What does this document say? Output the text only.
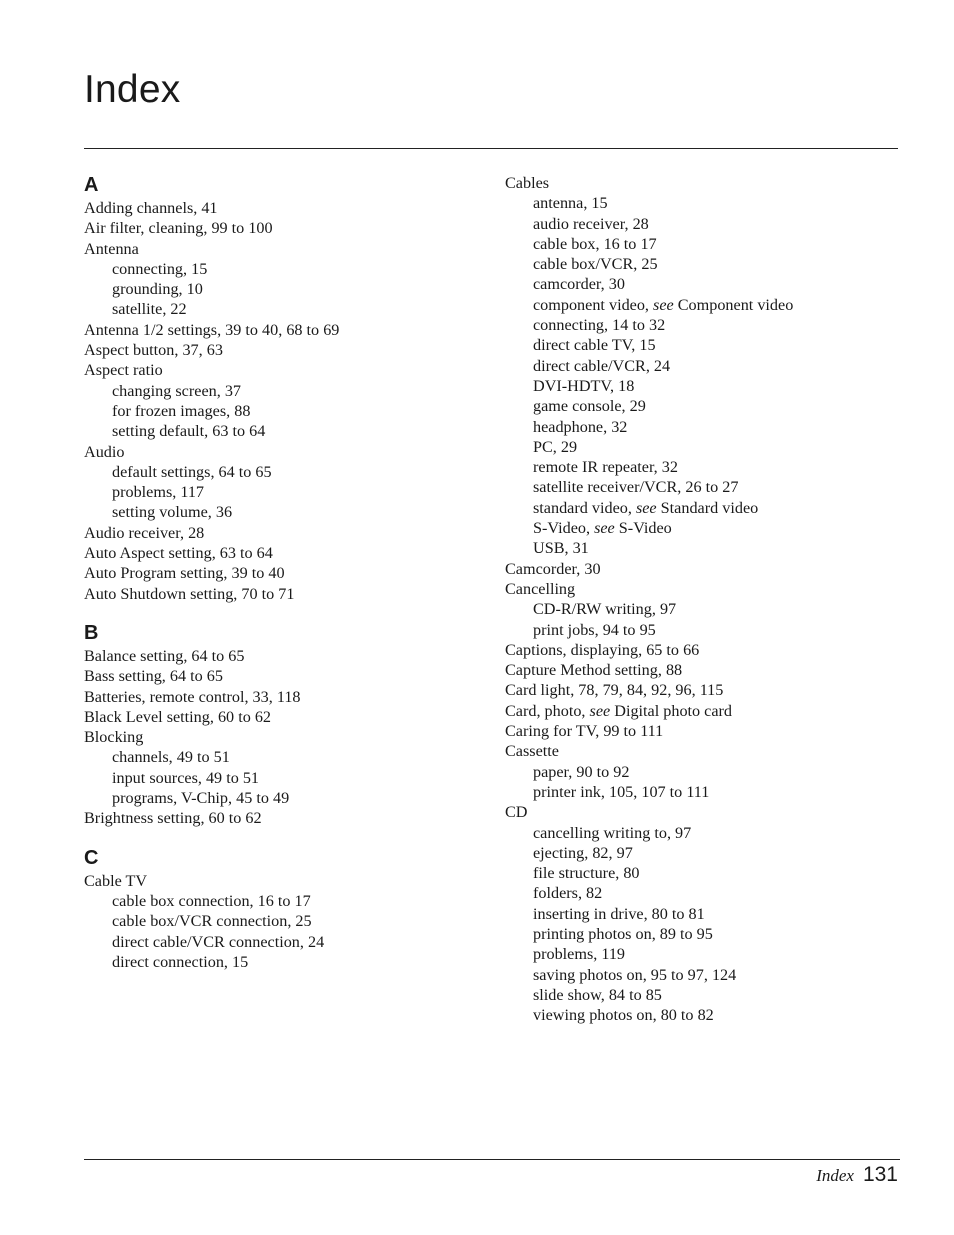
Index
A
Adding channels, 41
Air filter, cleaning, 99 to 100
Antenna
connecting, 15
grounding, 10
satellite, 22
Antenna 1/2 settings, 39 to 40, 68 to 69
Aspect button, 37, 63
Aspect ratio
changing screen, 37
for frozen images, 88
setting default, 63 to 64
Audio
default settings, 64 to 65
problems, 117
setting volume, 36
Audio receiver, 28
Auto Aspect setting, 63 to 64
Auto Program setting, 39 to 40
Auto Shutdown setting, 70 to 71
B
Balance setting, 64 to 65
Bass setting, 64 to 65
Batteries, remote control, 33, 118
Black Level setting, 60 to 62
Blocking
channels, 49 to 51
input sources, 49 to 51
programs, V-Chip, 45 to 49
Brightness setting, 60 to 62
C
Cable TV
cable box connection, 16 to 17
cable box/VCR connection, 25
direct cable/VCR connection, 24
direct connection, 15
Cables
antenna, 15
audio receiver, 28
cable box, 16 to 17
cable box/VCR, 25
camcorder, 30
component video, see Component video
connecting, 14 to 32
direct cable TV, 15
direct cable/VCR, 24
DVI-HDTV, 18
game console, 29
headphone, 32
PC, 29
remote IR repeater, 32
satellite receiver/VCR, 26 to 27
standard video, see Standard video
S-Video, see S-Video
USB, 31
Camcorder, 30
Cancelling
CD-R/RW writing, 97
print jobs, 94 to 95
Captions, displaying, 65 to 66
Capture Method setting, 88
Card light, 78, 79, 84, 92, 96, 115
Card, photo, see Digital photo card
Caring for TV, 99 to 111
Cassette
paper, 90 to 92
printer ink, 105, 107 to 111
CD
cancelling writing to, 97
ejecting, 82, 97
file structure, 80
folders, 82
inserting in drive, 80 to 81
printing photos on, 89 to 95
problems, 119
saving photos on, 95 to 97, 124
slide show, 84 to 85
viewing photos on, 80 to 82
Index 131
